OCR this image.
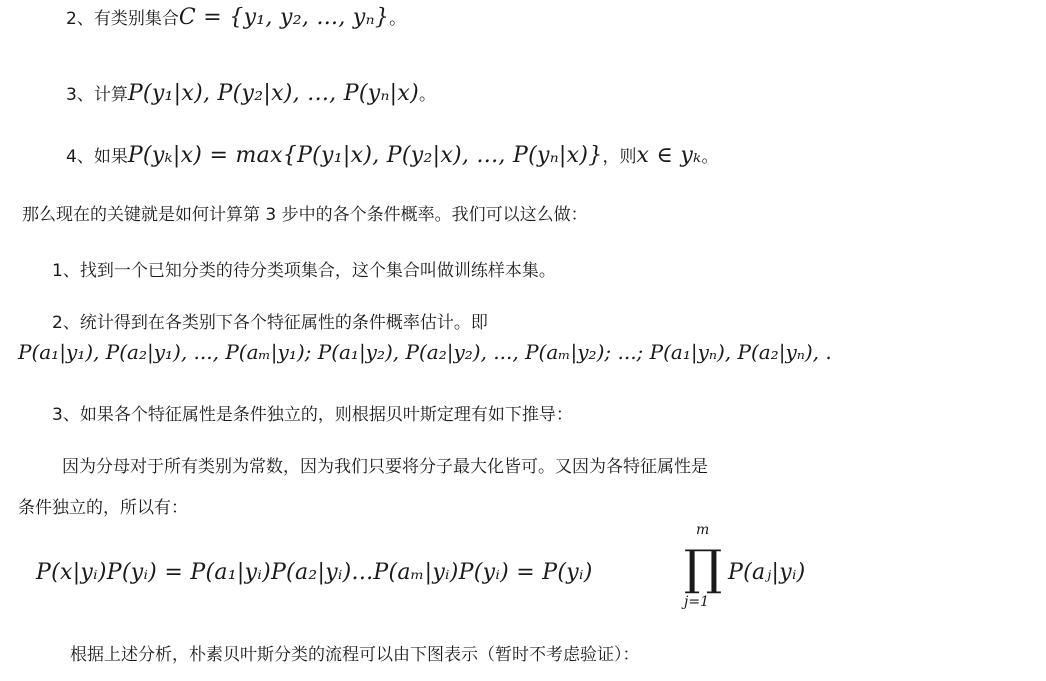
2、有类别集合C = {y₁, y₂, ..., yₙ}。
3、计算P(y₁|x), P(y₂|x), ..., P(yₙ|x)。
4、如果P(yₖ|x) = max{P(y₁|x), P(y₂|x), ..., P(yₙ|x)}，则x ∈ yₖ。
那么现在的关键就是如何计算第 3 步中的各个条件概率。我们可以这么做：
1、找到一个已知分类的待分类项集合，这个集合叫做训练样本集。
2、统计得到在各类别下各个特征属性的条件概率估计。即
P(a₁|y₁), P(a₂|y₁), ..., P(aₘ|y₁); P(a₁|y₂), P(a₂|y₂), ..., P(aₘ|y₂); ...; P(a₁|yₙ), P(a₂|yₙ), .
3、如果各个特征属性是条件独立的，则根据贝叶斯定理有如下推导：
因为分母对于所有类别为常数，因为我们只要将分子最大化皆可。又因为各特征属性是
条件独立的，所以有：
P(x|yᵢ)P(yᵢ) = P(a₁|yᵢ)P(a₂|yᵢ)...P(aₘ|yᵢ)P(yᵢ) = P(yᵢ)
m
∏
j=1
P(aⱼ|yᵢ)
根据上述分析，朴素贝叶斯分类的流程可以由下图表示（暂时不考虑验证）：
